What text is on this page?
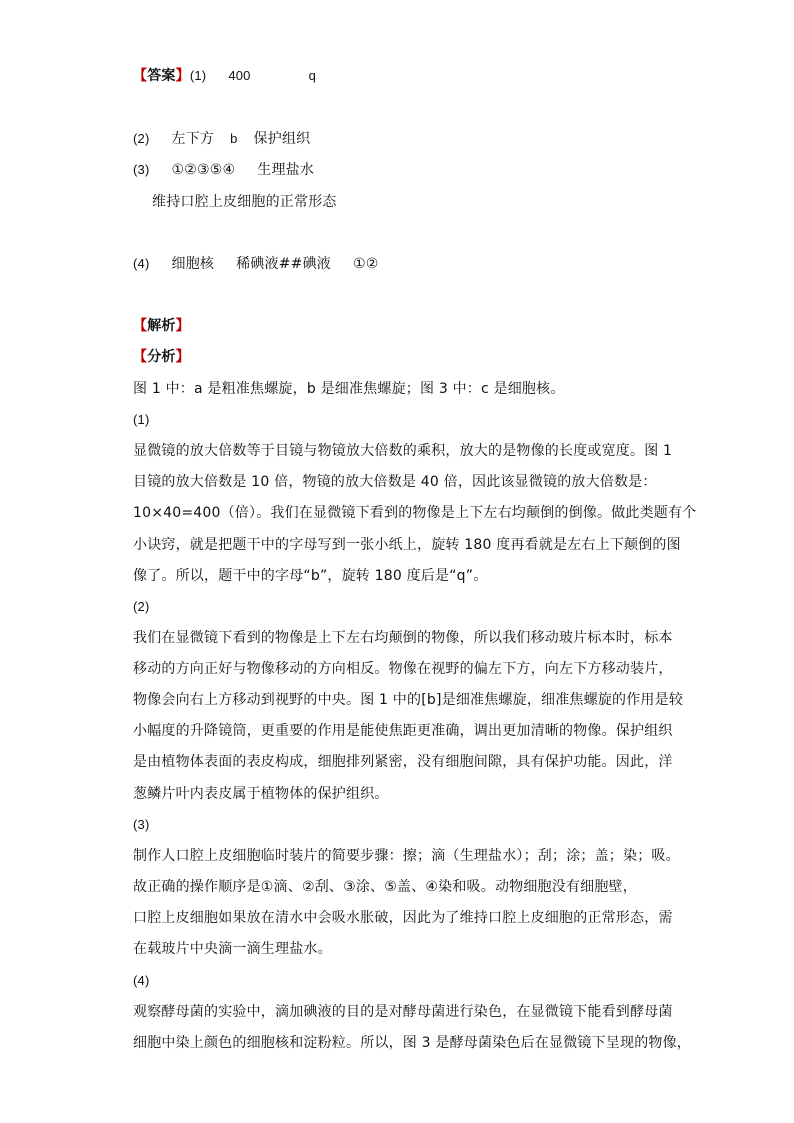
【答案】(1) 400	q
(2) 左下方 b 保护组织
(3) ①②③⑤④ 生理盐水
维持口腔上皮细胞的正常形态
(4) 细胞核 稀碘液##碘液 ①②
【解析】
【分析】
图 1 中：a 是粗准焦螺旋，b 是细准焦螺旋；图 3 中：c 是细胞核。
(1)
显微镜的放大倍数等于目镜与物镜放大倍数的乘积，放大的是物像的长度或宽度。图 1
目镜的放大倍数是 10 倍，物镜的放大倍数是 40 倍，因此该显微镜的放大倍数是：
10×40=400（倍）。我们在显微镜下看到的物像是上下左右均颠倒的倒像。做此类题有个
小诀窍，就是把题干中的字母写到一张小纸上，旋转 180 度再看就是左右上下颠倒的图
像了。所以，题干中的字母“b”，旋转 180 度后是“q”。
(2)
我们在显微镜下看到的物像是上下左右均颠倒的物像，所以我们移动玻片标本时，标本
移动的方向正好与物像移动的方向相反。物像在视野的偏左下方，向左下方移动装片，
物像会向右上方移动到视野的中央。图 1 中的[b]是细准焦螺旋，细准焦螺旋的作用是较
小幅度的升降镜筒，更重要的作用是能使焦距更准确，调出更加清晰的物像。保护组织
是由植物体表面的表皮构成，细胞排列紧密，没有细胞间隙，具有保护功能。因此，洋
葱鳞片叶内表皮属于植物体的保护组织。
(3)
制作人口腔上皮细胞临时装片的简要步骤：擦；滴（生理盐水）；刮；涂；盖；染；吸。
故正确的操作顺序是①滴、②刮、③涂、⑤盖、④染和吸。动物细胞没有细胞壁，
口腔上皮细胞如果放在清水中会吸水胀破，因此为了维持口腔上皮细胞的正常形态，需
在载玻片中央滴一滴生理盐水。
(4)
观察酵母菌的实验中，滴加碘液的目的是对酵母菌进行染色，在显微镜下能看到酵母菌
细胞中染上颜色的细胞核和淀粉粒。所以，图 3 是酵母菌染色后在显微镜下呈现的物像，
